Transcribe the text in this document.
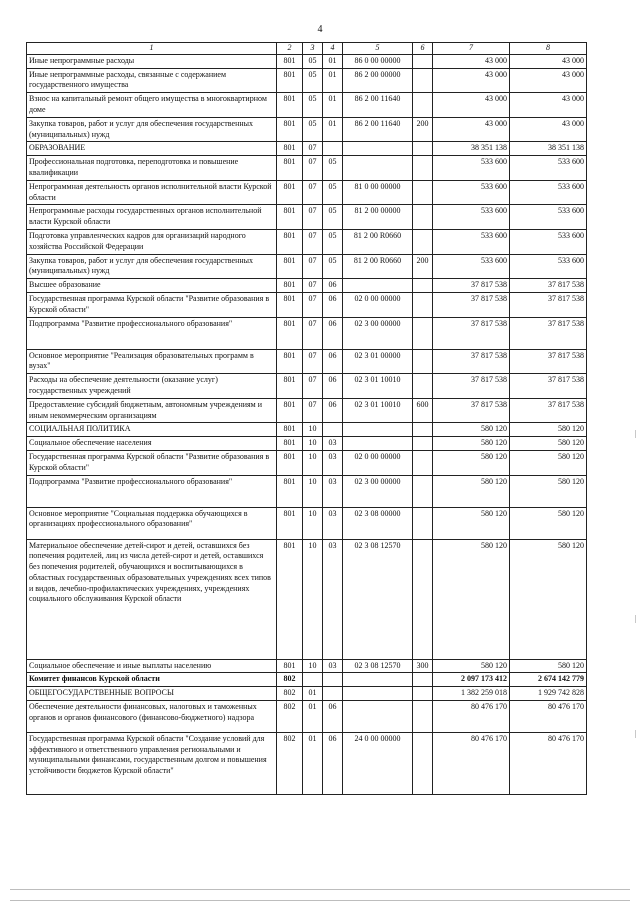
4
1	2	3	4	5	6	7	8
Иные непрограммные расходы	801	05	01	86 0 00 00000		43 000	43 000
Иные непрограммные расходы, связанные с содержанием государственного имущества	801	05	01	86 2 00 00000		43 000	43 000
Взнос на капитальный ремонт общего имущества в многоквартирном доме	801	05	01	86 2 00 11640		43 000	43 000
Закупка товаров, работ и услуг для обеспечения государственных (муниципальных) нужд	801	05	01	86 2 00 11640	200	43 000	43 000
ОБРАЗОВАНИЕ	801	07				38 351 138	38 351 138
Профессиональная подготовка, переподготовка и повышение квалификации	801	07	05			533 600	533 600
Непрограммная деятельность органов исполнительной власти Курской области	801	07	05	81 0 00 00000		533 600	533 600
Непрограммные расходы государственных органов исполнительной власти Курской области	801	07	05	81 2 00 00000		533 600	533 600
Подготовка управленческих кадров для организаций народного хозяйства Российской Федерации	801	07	05	81 2 00 R0660		533 600	533 600
Закупка товаров, работ и услуг для обеспечения государственных (муниципальных) нужд	801	07	05	81 2 00 R0660	200	533 600	533 600
Высшее образование	801	07	06			37 817 538	37 817 538
Государственная программа Курской области "Развитие образования в Курской области"	801	07	06	02 0 00 00000		37 817 538	37 817 538
Подпрограмма "Развитие профессионального образования"	801	07	06	02 3 00 00000		37 817 538	37 817 538
Основное мероприятие "Реализация образовательных программ в вузах"	801	07	06	02 3 01 00000		37 817 538	37 817 538
Расходы на обеспечение деятельности (оказание услуг) государственных учреждений	801	07	06	02 3 01 10010		37 817 538	37 817 538
Предоставление субсидий бюджетным, автономным учреждениям и иным некоммерческим организациям	801	07	06	02 3 01 10010	600	37 817 538	37 817 538
СОЦИАЛЬНАЯ ПОЛИТИКА	801	10				580 120	580 120
Социальное обеспечение населения	801	10	03			580 120	580 120
Государственная программа Курской области "Развитие образования в Курской области"	801	10	03	02 0 00 00000		580 120	580 120
Подпрограмма "Развитие профессионального образования"	801	10	03	02 3 00 00000		580 120	580 120
Основное мероприятие "Социальная поддержка обучающихся в организациях профессионального образования"	801	10	03	02 3 08 00000		580 120	580 120
Материальное обеспечение детей-сирот и детей, оставшихся без попечения родителей, лиц из числа детей-сирот и детей, оставшихся без попечения родителей, обучающихся и воспитывающихся в областных государственных образовательных учреждениях всех типов и видов, лечебно-профилактических учреждениях, учреждениях социального обслуживания Курской области	801	10	03	02 3 08 12570		580 120	580 120
Социальное обеспечение и иные выплаты населению	801	10	03	02 3 08 12570	300	580 120	580 120
Комитет финансов Курской области	802					2 097 173 412	2 674 142 779
ОБЩЕГОСУДАРСТВЕННЫЕ ВОПРОСЫ	802	01				1 382 259 018	1 929 742 828
Обеспечение деятельности финансовых, налоговых и таможенных органов и органов финансового (финансово-бюджетного) надзора	802	01	06			80 476 170	80 476 170
Государственная программа Курской области "Создание условий для эффективного и ответственного управления региональными и муниципальными финансами, государственным долгом и повышения устойчивости бюджетов Курской области"	802	01	06	24 0 00 00000		80 476 170	80 476 170
